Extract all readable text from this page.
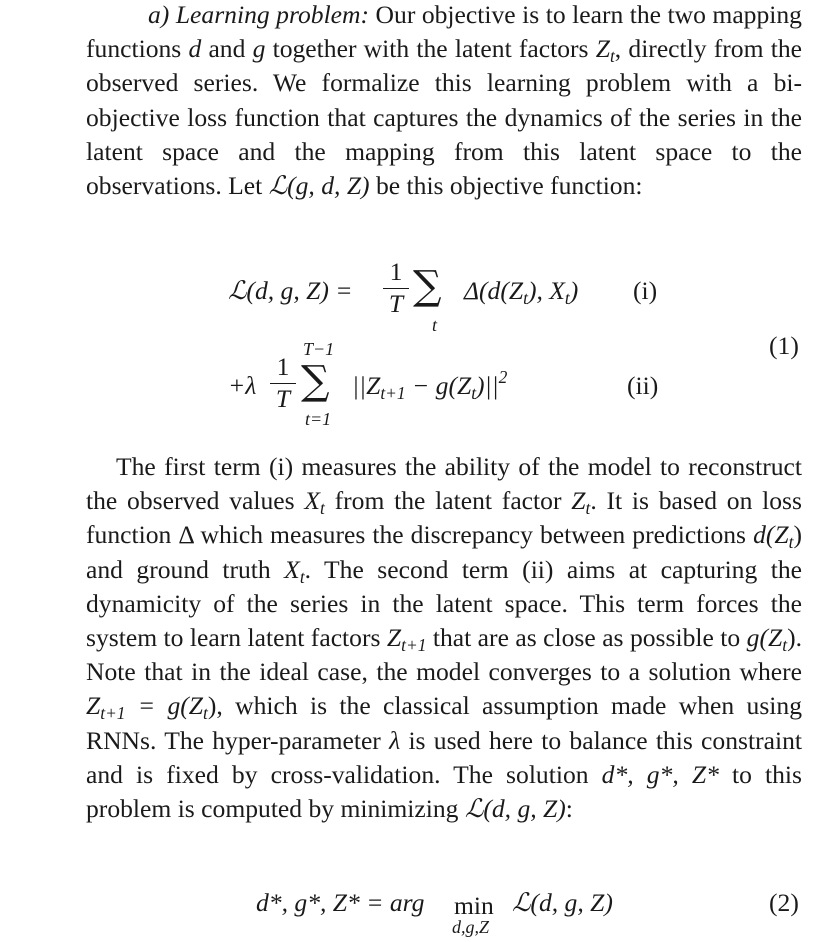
a) Learning problem: Our objective is to learn the two mapping functions d and g together with the latent factors $Z_t$, directly from the observed series. We formalize this learning problem with a bi-objective loss function that captures the dynamics of the series in the latent space and the mapping from this latent space to the observations. Let ℒ(g, d, Z) be this objective function:

ℒ(d, g, $Z) = \frac{1}{T}$ ∑
t
$\Delta(d(Z_t)$, $X_t$) (i)
(1)
$+\lambda \frac{1}{T}$
T−1
∑
t=1
$||Z_{t+1} - g(Z_t)||^2$	(ii)

The first term (i) measures the ability of the model to reconstruct the observed values $X_t$ from the latent factor $Z_t$. It is based on loss function Δ which measures the discrepancy between predictions $d(Z_t)$ and ground truth $X_t$. The second term (ii) aims at capturing the dynamicity of the series in the latent space. This term forces the system to learn latent factors $Z_{t+1}$ that are as close as possible to $g(Z_t)$. Note that in the ideal case, the model converges to a solution where $Z_{t+1} = g(Z_t)$, which is the classical assumption made when using RNNs. The hyper-parameter λ is used here to balance this constraint and is fixed by cross-validation. The solution d*, g*, Z* to this problem is computed by minimizing ℒ(d, g, Z):

d*, g*, Z* = arg min
d,g,Z
ℒ(d, g, Z)	(2)
